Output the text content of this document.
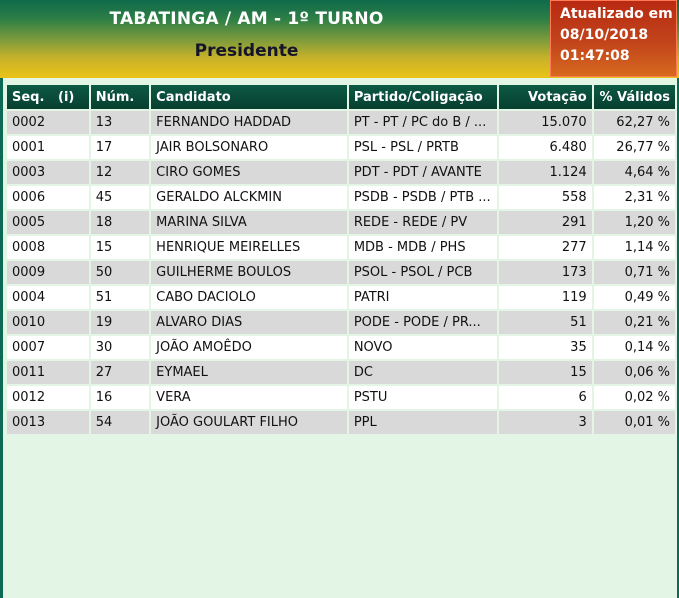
TABATINGA / AM - 1º TURNO
Presidente
Atualizado em
08/10/2018
01:47:08
Seq.   (i)	Núm.	Candidato	Partido/Coligação	Votação	% Válidos
0002	13	FERNANDO HADDAD	PT - PT / PC do B / ...	15.070	62,27 %
0001	17	JAIR BOLSONARO	PSL - PSL / PRTB	6.480	26,77 %
0003	12	CIRO GOMES	PDT - PDT / AVANTE	1.124	4,64 %
0006	45	GERALDO ALCKMIN	PSDB - PSDB / PTB ...	558	2,31 %
0005	18	MARINA SILVA	REDE - REDE / PV	291	1,20 %
0008	15	HENRIQUE MEIRELLES	MDB - MDB / PHS	277	1,14 %
0009	50	GUILHERME BOULOS	PSOL - PSOL / PCB	173	0,71 %
0004	51	CABO DACIOLO	PATRI	119	0,49 %
0010	19	ALVARO DIAS	PODE - PODE / PR...	51	0,21 %
0007	30	JOÃO AMOÊDO	NOVO	35	0,14 %
0011	27	EYMAEL	DC	15	0,06 %
0012	16	VERA	PSTU	6	0,02 %
0013	54	JOÃO GOULART FILHO	PPL	3	0,01 %
